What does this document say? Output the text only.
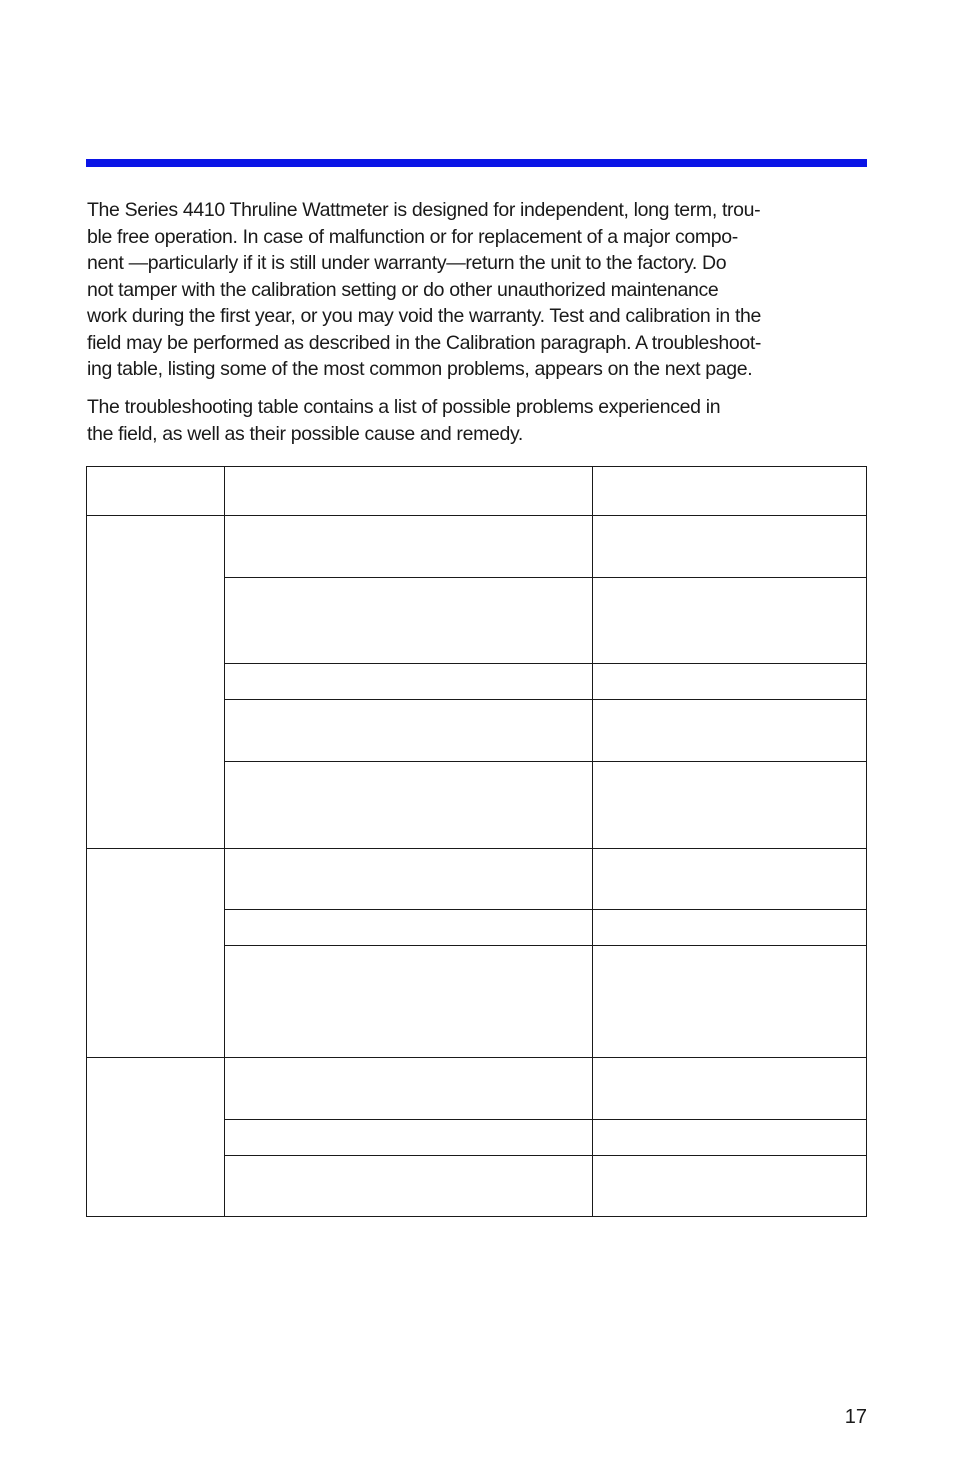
The Series 4410 Thruline Wattmeter is designed for independent, long term, trou-
ble free operation. In case of malfunction or for replacement of a major compo-
nent —particularly if it is still under warranty—return the unit to the factory. Do
not tamper with the calibration setting or do other unauthorized maintenance
work during the first year, or you may void the warranty. Test and calibration in the
field may be performed as described in the Calibration paragraph. A troubleshoot-
ing table, listing some of the most common problems, appears on the next page.

The troubleshooting table contains a list of possible problems experienced in
the field, as well as their possible cause and remedy.

17
